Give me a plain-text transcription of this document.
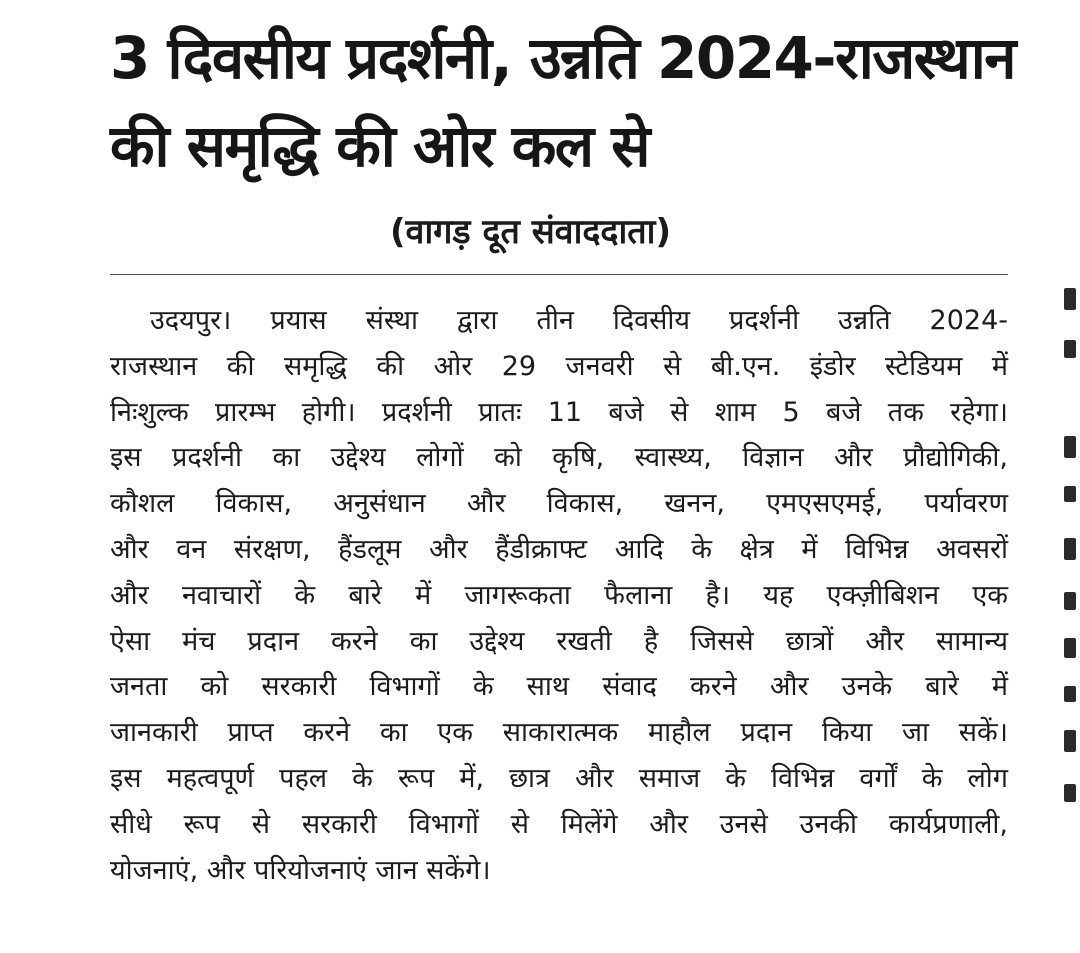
3 दिवसीय प्रदर्शनी, उन्नति 2024-राजस्थान
की समृद्धि की ओर कल से
(वागड़ दूत संवाददाता)
उदयपुर। प्रयास संस्था द्वारा तीन दिवसीय प्रदर्शनी उन्नति 2024-
राजस्थान की समृद्धि की ओर 29 जनवरी से बी.एन. इंडोर स्टेडियम में
निःशुल्क प्रारम्भ होगी। प्रदर्शनी प्रातः 11 बजे से शाम 5 बजे तक रहेगा।
इस प्रदर्शनी का उद्देश्य लोगों को कृषि, स्वास्थ्य, विज्ञान और प्रौद्योगिकी,
कौशल विकास, अनुसंधान और विकास, खनन, एमएसएमई, पर्यावरण
और वन संरक्षण, हैंडलूम और हैंडीक्राफ्ट आदि के क्षेत्र में विभिन्न अवसरों
और नवाचारों के बारे में जागरूकता फैलाना है। यह एक्ज़ीबिशन एक
ऐसा मंच प्रदान करने का उद्देश्य रखती है जिससे छात्रों और सामान्य
जनता को सरकारी विभागों के साथ संवाद करने और उनके बारे में
जानकारी प्राप्त करने का एक साकारात्मक माहौल प्रदान किया जा सकें।
इस महत्वपूर्ण पहल के रूप में, छात्र और समाज के विभिन्न वर्गों के लोग
सीधे रूप से सरकारी विभागों से मिलेंगे और उनसे उनकी कार्यप्रणाली,
योजनाएं, और परियोजनाएं जान सकेंगे।
